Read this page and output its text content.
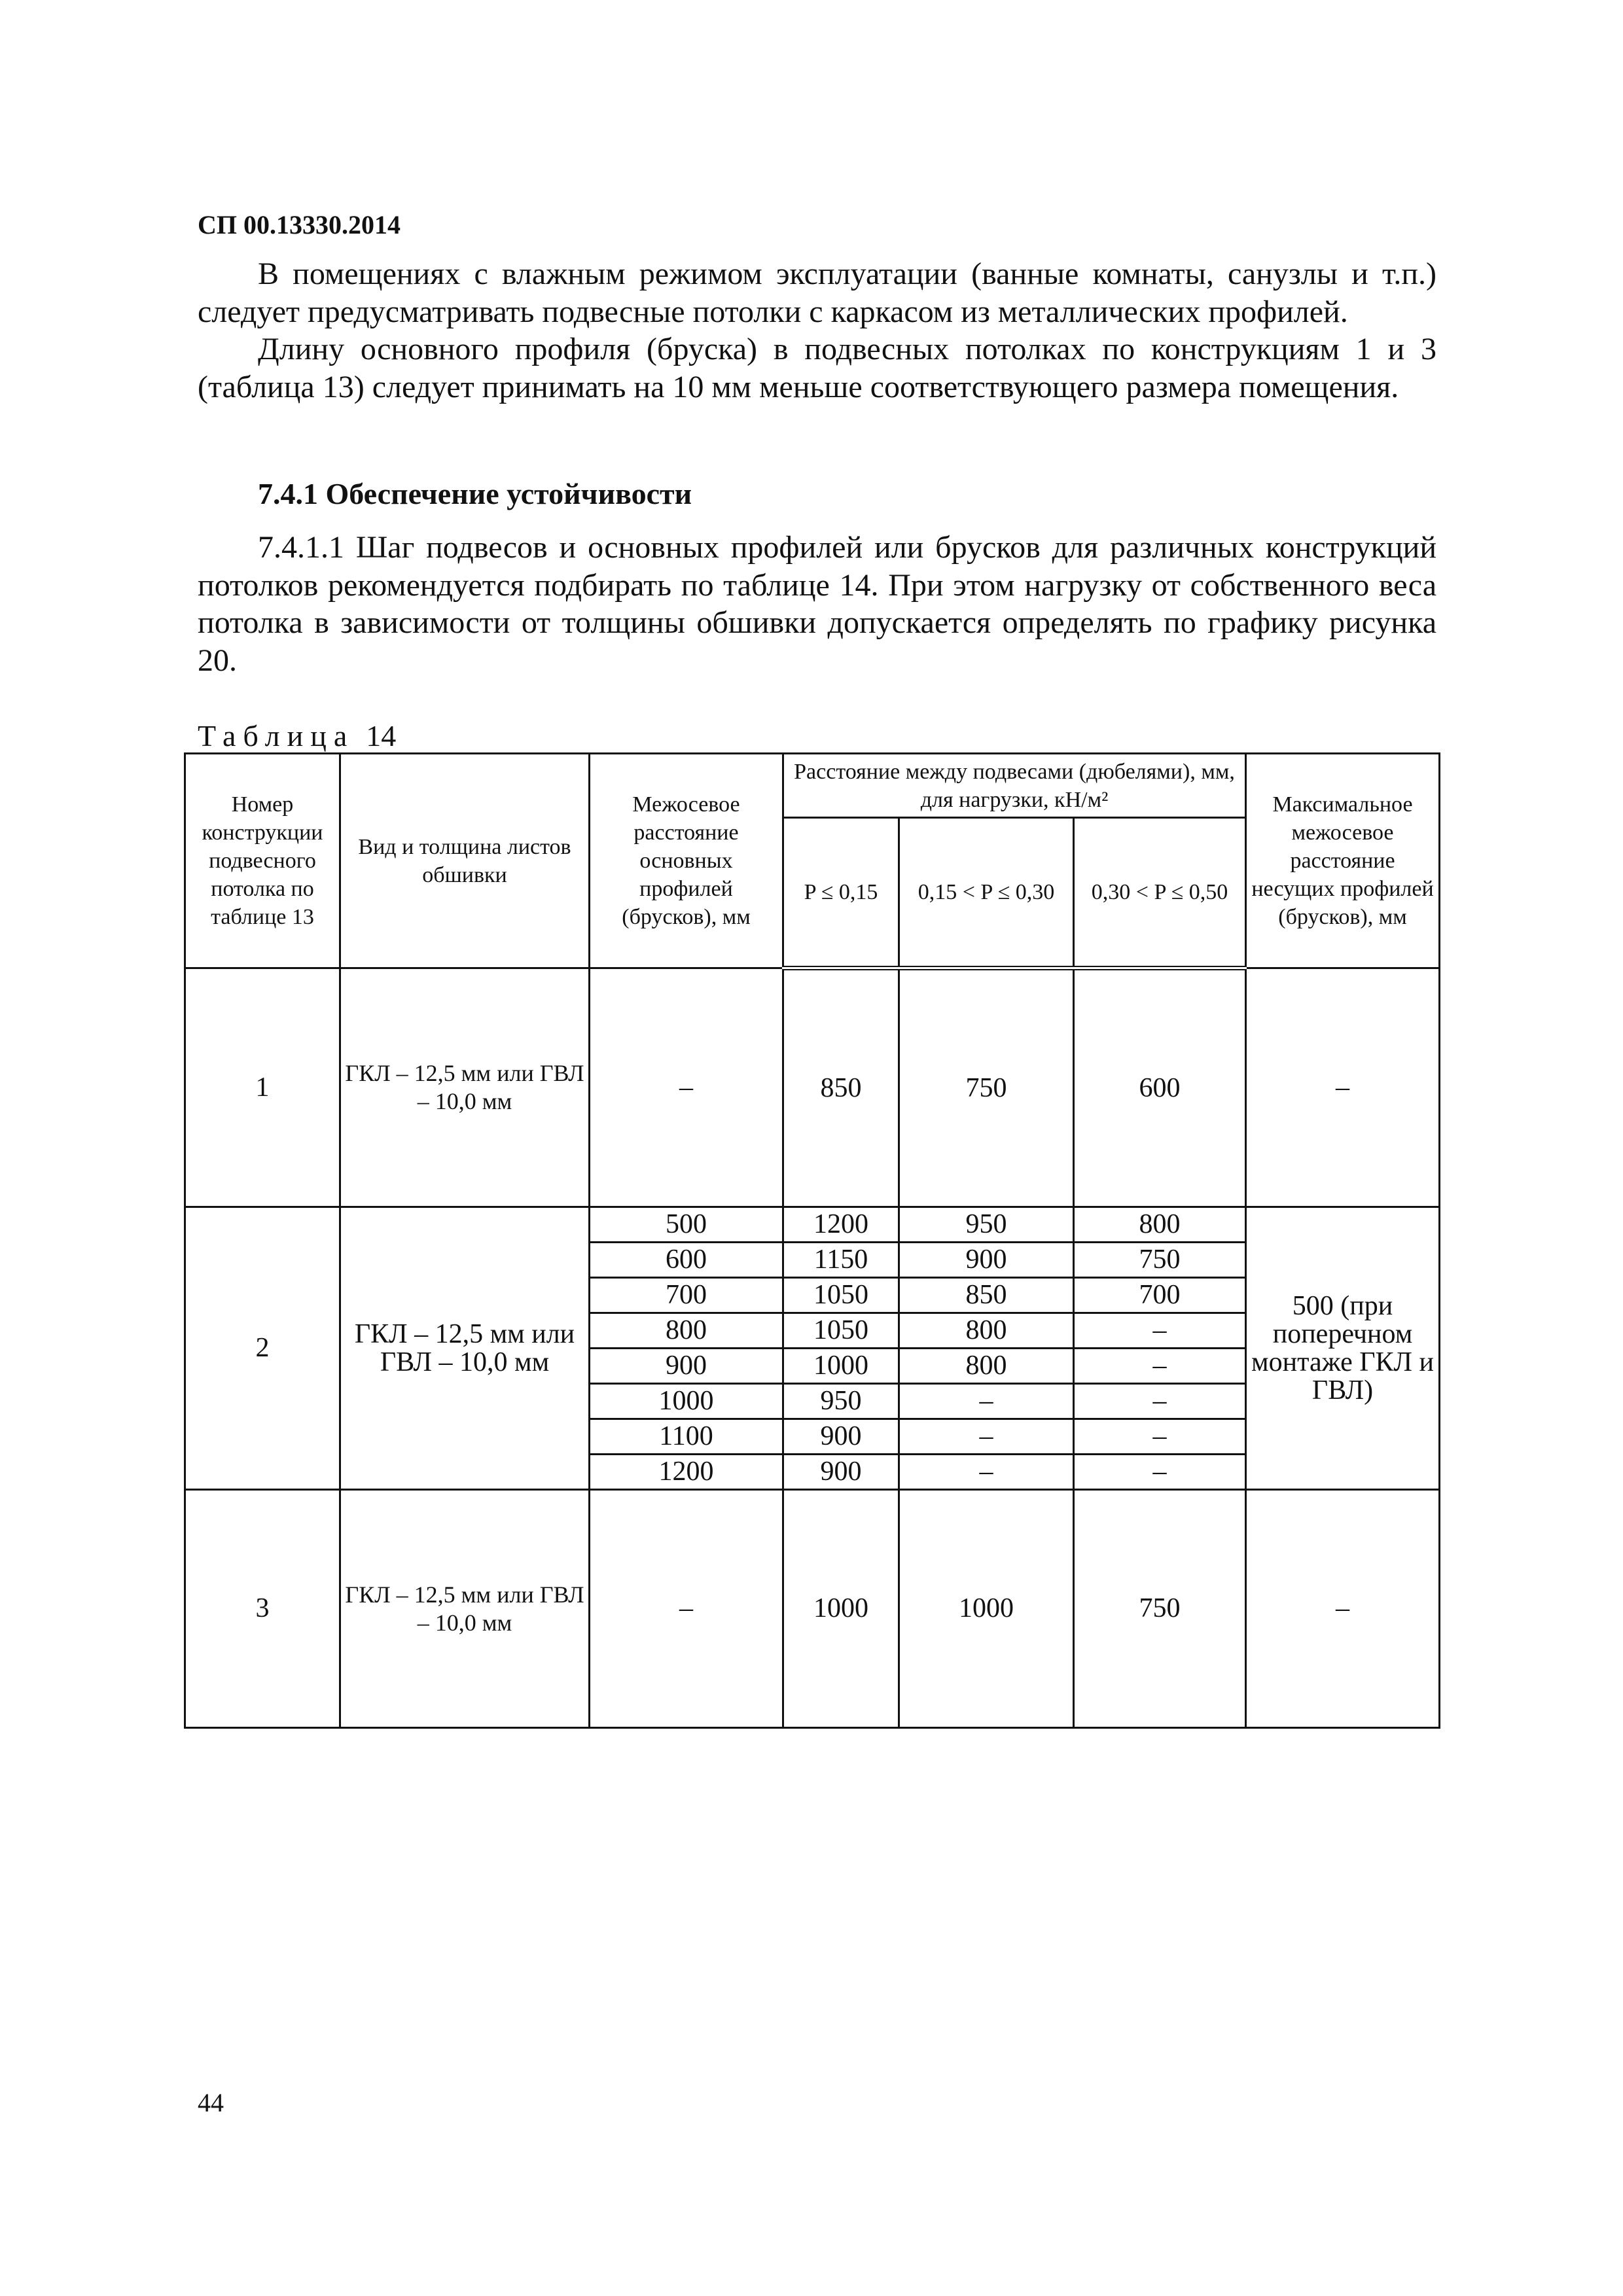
СП 00.13330.2014

В помещениях с влажным режимом эксплуатации (ванные комнаты, санузлы и т.п.) следует предусматривать подвесные потолки с каркасом из металлических профилей.

Длину основного профиля (бруска) в подвесных потолках по конструкциям 1 и 3 (таблица 13) следует принимать на 10 мм меньше соответствующего размера помещения.

7.4.1 Обеспечение устойчивости

7.4.1.1 Шаг подвесов и основных профилей или брусков для различных конструкций потолков рекомендуется подбирать по таблице 14. При этом нагрузку от собственного веса потолка в зависимости от толщины обшивки допускается определять по графику рисунка 20.

Таблица 14

Номер конструкции подвесного потолка по таблице 13	Вид и толщина листов обшивки	Межосевое расстояние основных профилей (брусков), мм	Расстояние между подвесами (дюбелями), мм, для нагрузки, кН/м²			Максимальное межосевое расстояние несущих профилей (брусков), мм
			P ≤ 0,15	0,15 < P ≤ 0,30	0,30 < P ≤ 0,50	
1	ГКЛ – 12,5 мм или ГВЛ – 10,0 мм	–	850	750	600	–
2	ГКЛ – 12,5 мм или ГВЛ – 10,0 мм	500	1200	950	800	500 (при поперечном монтаже ГКЛ и ГВЛ)
		600	1150	900	750	
		700	1050	850	700	
		800	1050	800	–	
		900	1000	800	–	
		1000	950	–	–	
		1100	900	–	–	
		1200	900	–	–	
3	ГКЛ – 12,5 мм или ГВЛ – 10,0 мм	–	1000	1000	750	–

44
